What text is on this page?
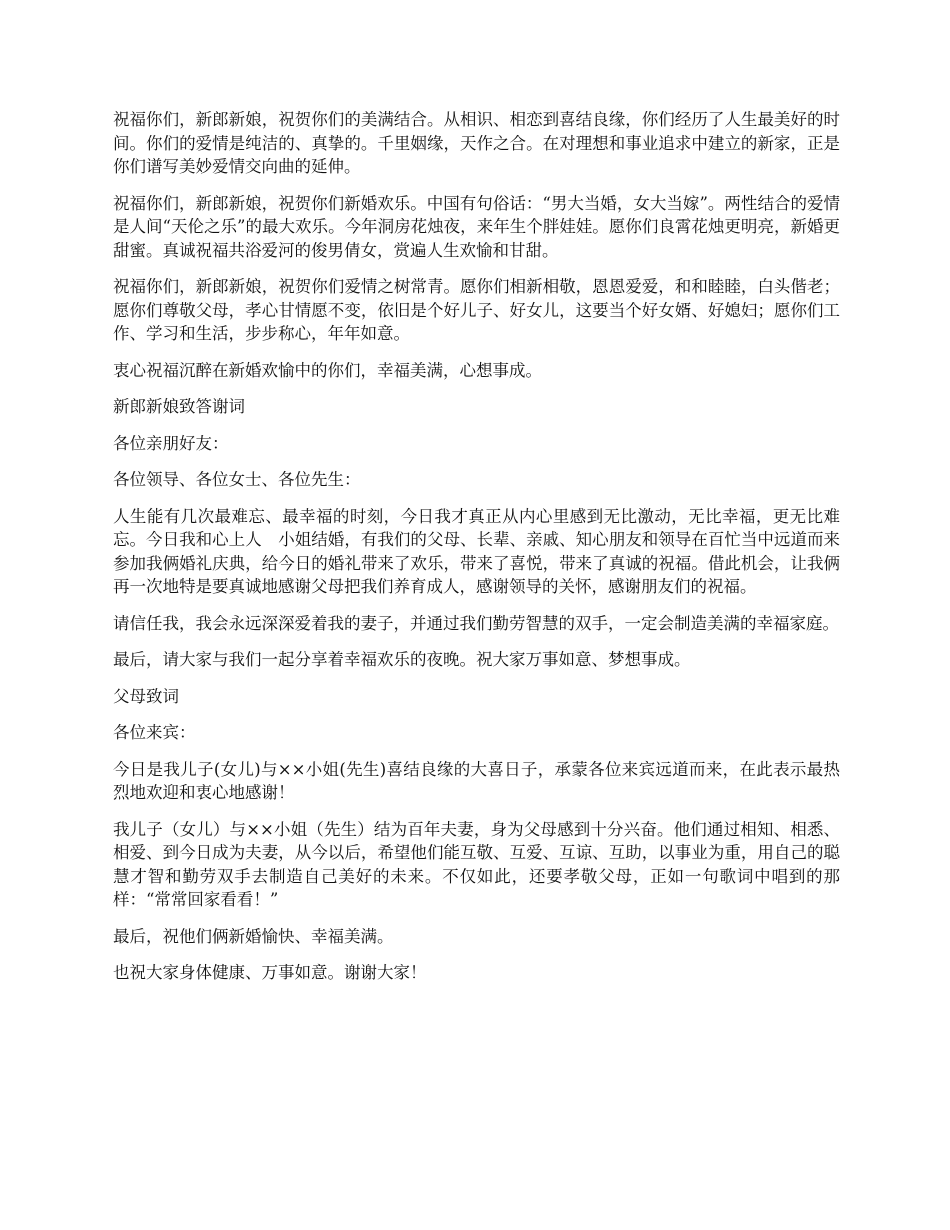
祝福你们，新郎新娘，祝贺你们的美满结合。从相识、相恋到喜结良缘，你们经历了人生最美好的时间。你们的爱情是纯洁的、真挚的。千里姻缘，天作之合。在对理想和事业追求中建立的新家，正是你们谱写美妙爱情交向曲的延伸。

祝福你们，新郎新娘，祝贺你们新婚欢乐。中国有句俗话：“男大当婚，女大当嫁”。两性结合的爱情是人间“天伦之乐”的最大欢乐。今年洞房花烛夜，来年生个胖娃娃。愿你们良霄花烛更明亮，新婚更甜蜜。真诚祝福共浴爱河的俊男倩女，赏遍人生欢愉和甘甜。

祝福你们，新郎新娘，祝贺你们爱情之树常青。愿你们相新相敬，恩恩爱爱，和和睦睦，白头偕老；愿你们尊敬父母，孝心甘情愿不变，依旧是个好儿子、好女儿，这要当个好女婿、好媳妇；愿你们工作、学习和生活，步步称心，年年如意。

衷心祝福沉醉在新婚欢愉中的你们，幸福美满，心想事成。

新郎新娘致答谢词

各位亲朋好友：

各位领导、各位女士、各位先生：

人生能有几次最难忘、最幸福的时刻，今日我才真正从内心里感到无比激动，无比幸福，更无比难忘。今日我和心上人　小姐结婚，有我们的父母、长辈、亲戚、知心朋友和领导在百忙当中远道而来参加我俩婚礼庆典，给今日的婚礼带来了欢乐，带来了喜悦，带来了真诚的祝福。借此机会，让我俩再一次地特是要真诚地感谢父母把我们养育成人，感谢领导的关怀，感谢朋友们的祝福。

请信任我，我会永远深深爱着我的妻子，并通过我们勤劳智慧的双手，一定会制造美满的幸福家庭。

最后，请大家与我们一起分享着幸福欢乐的夜晚。祝大家万事如意、梦想事成。

父母致词

各位来宾：

今日是我儿子(女儿)与××小姐(先生)喜结良缘的大喜日子，承蒙各位来宾远道而来，在此表示最热烈地欢迎和衷心地感谢！

我儿子（女儿）与××小姐（先生）结为百年夫妻，身为父母感到十分兴奋。他们通过相知、相悉、相爱、到今日成为夫妻，从今以后，希望他们能互敬、互爱、互谅、互助，以事业为重，用自己的聪慧才智和勤劳双手去制造自己美好的未来。不仅如此，还要孝敬父母，正如一句歌词中唱到的那样：“常常回家看看！”

最后，祝他们俩新婚愉快、幸福美满。

也祝大家身体健康、万事如意。谢谢大家！
